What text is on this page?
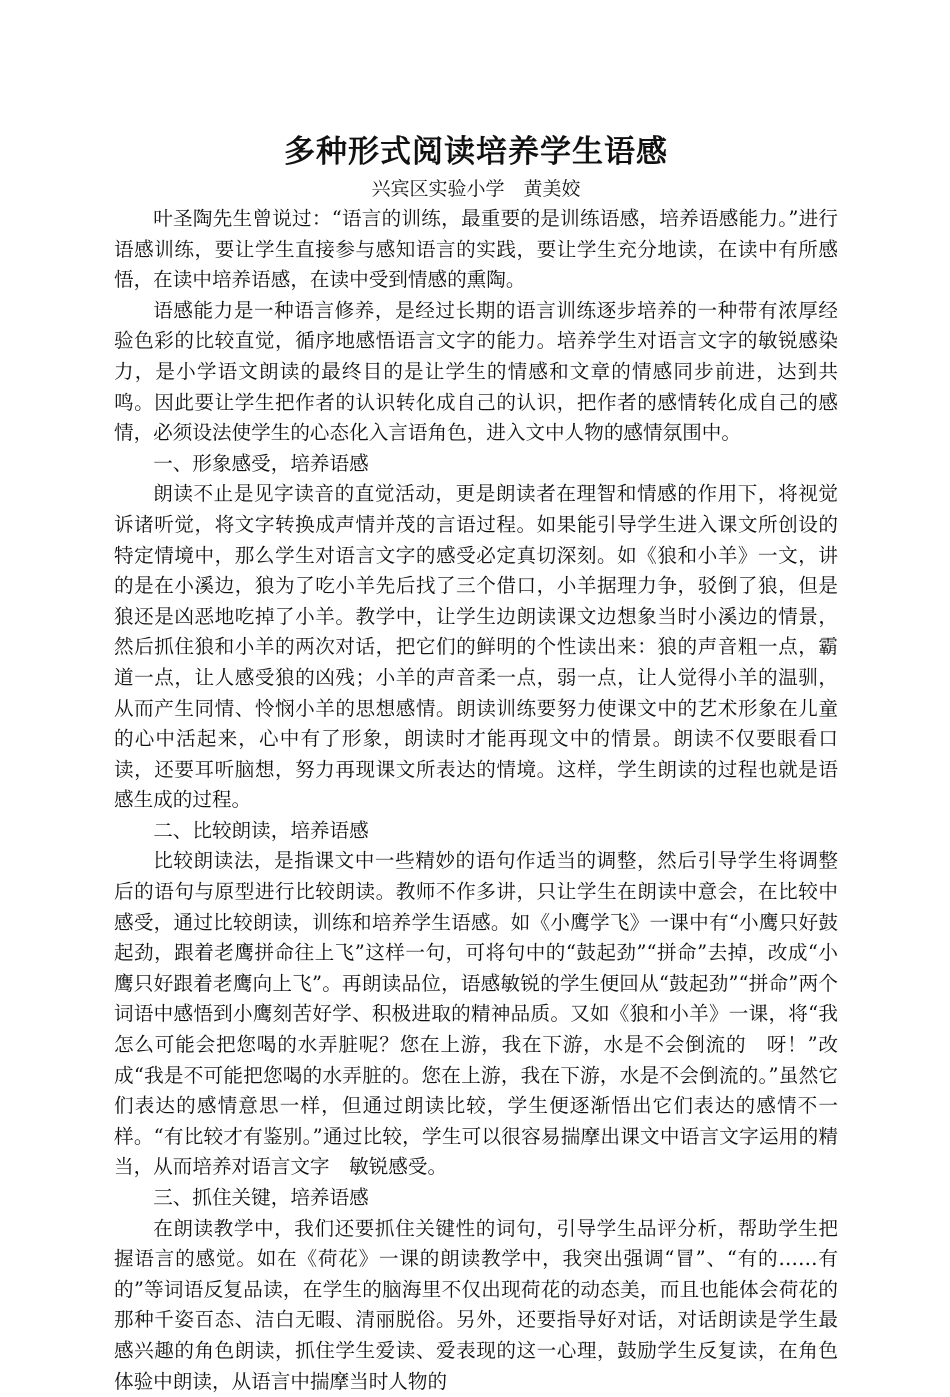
多种形式阅读培养学生语感

兴宾区实验小学　黄美姣

叶圣陶先生曾说过：“语言的训练，最重要的是训练语感，培养语感能力。”进行语感训练，要让学生直接参与感知语言的实践，要让学生充分地读，在读中有所感悟，在读中培养语感，在读中受到情感的熏陶。

语感能力是一种语言修养，是经过长期的语言训练逐步培养的一种带有浓厚经验色彩的比较直觉，循序地感悟语言文字的能力。培养学生对语言文字的敏锐感染力，是小学语文朗读的最终目的是让学生的情感和文章的情感同步前进，达到共鸣。因此要让学生把作者的认识转化成自己的认识，把作者的感情转化成自己的感情，必须设法使学生的心态化入言语角色，进入文中人物的感情氛围中。

一、形象感受，培养语感

朗读不止是见字读音的直觉活动，更是朗读者在理智和情感的作用下，将视觉诉诸听觉，将文字转换成声情并茂的言语过程。如果能引导学生进入课文所创设的特定情境中，那么学生对语言文字的感受必定真切深刻。如《狼和小羊》一文，讲的是在小溪边，狼为了吃小羊先后找了三个借口，小羊据理力争，驳倒了狼，但是狼还是凶恶地吃掉了小羊。教学中，让学生边朗读课文边想象当时小溪边的情景，然后抓住狼和小羊的两次对话，把它们的鲜明的个性读出来：狼的声音粗一点，霸道一点，让人感受狼的凶残；小羊的声音柔一点，弱一点，让人觉得小羊的温驯，从而产生同情、怜悯小羊的思想感情。朗读训练要努力使课文中的艺术形象在儿童的心中活起来，心中有了形象，朗读时才能再现文中的情景。朗读不仅要眼看口读，还要耳听脑想，努力再现课文所表达的情境。这样，学生朗读的过程也就是语感生成的过程。

二、比较朗读，培养语感

比较朗读法，是指课文中一些精妙的语句作适当的调整，然后引导学生将调整后的语句与原型进行比较朗读。教师不作多讲，只让学生在朗读中意会，在比较中感受，通过比较朗读，训练和培养学生语感。如《小鹰学飞》一课中有“小鹰只好鼓起劲，跟着老鹰拼命往上飞”这样一句，可将句中的“鼓起劲”“拼命”去掉，改成“小鹰只好跟着老鹰向上飞”。再朗读品位，语感敏锐的学生便回从“鼓起劲”“拼命”两个词语中感悟到小鹰刻苦好学、积极进取的精神品质。又如《狼和小羊》一课，将“我怎么可能会把您喝的水弄脏呢？您在上游，我在下游，水是不会倒流的　呀！”改成“我是不可能把您喝的水弄脏的。您在上游，我在下游，水是不会倒流的。”虽然它们表达的感情意思一样，但通过朗读比较，学生便逐渐悟出它们表达的感情不一样。“有比较才有鉴别。”通过比较，学生可以很容易揣摩出课文中语言文字运用的精当，从而培养对语言文字　敏锐感受。

三、抓住关键，培养语感

在朗读教学中，我们还要抓住关键性的词句，引导学生品评分析，帮助学生把握语言的感觉。如在《荷花》一课的朗读教学中，我突出强调“冒”、“有的……有的”等词语反复品读，在学生的脑海里不仅出现荷花的动态美，而且也能体会荷花的那种千姿百态、洁白无暇、清丽脱俗。另外，还要指导好对话，对话朗读是学生最感兴趣的角色朗读，抓住学生爱读、爱表现的这一心理，鼓励学生反复读，在角色体验中朗读，从语言中揣摩当时人物的
